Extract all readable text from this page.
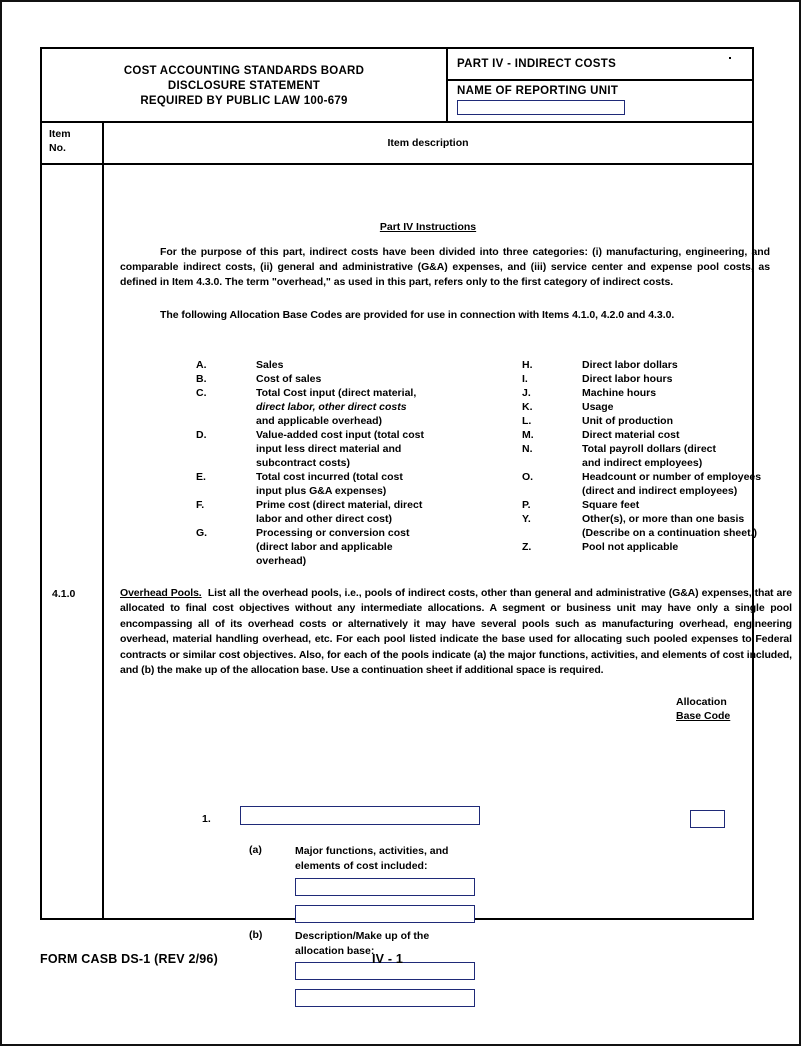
COST ACCOUNTING STANDARDS BOARD
DISCLOSURE STATEMENT
REQUIRED BY PUBLIC LAW 100-679
PART IV - INDIRECT COSTS
NAME OF REPORTING UNIT
Item
No.	Item description
4.1.0
Part IV Instructions
For the purpose of this part, indirect costs have been divided into three categories: (i) manufacturing, engineering, and comparable indirect costs, (ii) general and administrative (G&A) expenses, and (iii) service center and expense pool costs, as defined in Item 4.3.0. The term "overhead," as used in this part, refers only to the first category of indirect costs.
The following Allocation Base Codes are provided for use in connection with Items 4.1.0, 4.2.0 and 4.3.0.
A.	Sales
B.	Cost of sales
C.	Total Cost input (direct material,
direct labor, other direct costs
and applicable overhead)
D.	Value-added cost input (total cost
input less direct material and
subcontract costs)
E.	Total cost incurred (total cost
input plus G&A expenses)
F.	Prime cost (direct material, direct
labor and other direct cost)
G.	Processing or conversion cost
(direct labor and applicable
overhead)
H.	Direct labor dollars
I.	Direct labor hours
J.	Machine hours
K.	Usage
L.	Unit of production
M.	Direct material cost
N.	Total payroll dollars (direct
and indirect employees)
O.	Headcount or number of employees
(direct and indirect employees)
P.	Square feet
Y.	Other(s), or more than one basis
(Describe on a continuation sheet.)
Z.	Pool not applicable
Overhead Pools. List all the overhead pools, i.e., pools of indirect costs, other than general and administrative (G&A) expenses, that are allocated to final cost objectives without any intermediate allocations. A segment or business unit may have only a single pool encompassing all of its overhead costs or alternatively it may have several pools such as manufacturing overhead, engineering overhead, material handling overhead, etc. For each pool listed indicate the base used for allocating such pooled expenses to Federal contracts or similar cost objectives. Also, for each of the pools indicate (a) the major functions, activities, and elements of cost included, and (b) the make up of the allocation base. Use a continuation sheet if additional space is required.
Allocation
Base Code
1.
(a)	Major functions, activities, and
elements of cost included:
(b)	Description/Make up of the
allocation base:
FORM CASB DS-1 (REV 2/96)	IV - 1
